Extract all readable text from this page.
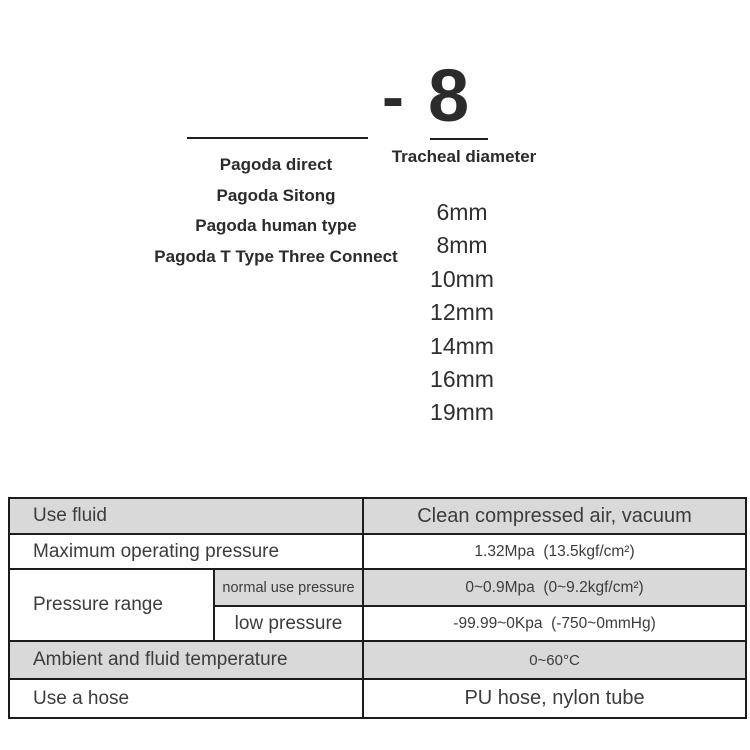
- 8
Tracheal diameter
Pagoda direct
Pagoda Sitong
Pagoda human type
Pagoda T Type Three Connect
6mm
8mm
10mm
12mm
14mm
16mm
19mm
Use fluid		Clean compressed air, vacuum
Maximum operating pressure		1.32Mpa  (13.5kgf/cm²)
Pressure range	normal use pressure	0~0.9Mpa  (0~9.2kgf/cm²)
	low pressure	-99.99~0Kpa  (-750~0mmHg)
Ambient and fluid temperature		0~60°C
Use a hose		PU hose, nylon tube
